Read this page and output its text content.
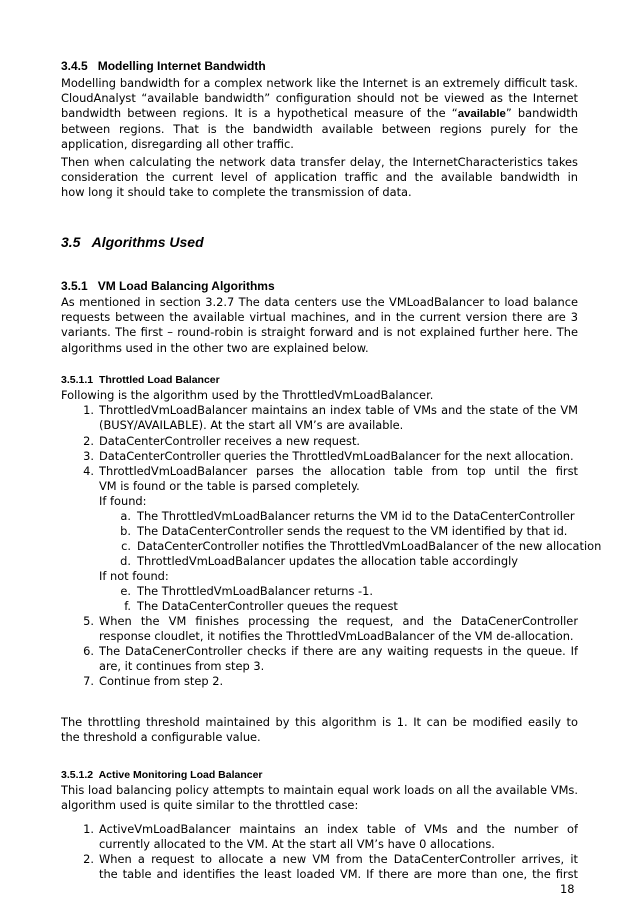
3.4.5 Modelling Internet Bandwidth
Modelling bandwidth for a complex network like the Internet is an extremely difficult task.
CloudAnalyst “available bandwidth” configuration should not be viewed as the Internet
bandwidth between regions. It is a hypothetical measure of the “available” bandwidth
between regions. That is the bandwidth available between regions purely for the
application, disregarding all other traffic.
Then when calculating the network data transfer delay, the InternetCharacteristics takes
consideration the current level of application traffic and the available bandwidth in
how long it should take to complete the transmission of data.
3.5 Algorithms Used
3.5.1 VM Load Balancing Algorithms
As mentioned in section 3.2.7 The data centers use the VMLoadBalancer to load balance
requests between the available virtual machines, and in the current version there are 3
variants. The first – round-robin is straight forward and is not explained further here. The
algorithms used in the other two are explained below.
3.5.1.1 Throttled Load Balancer
Following is the algorithm used by the ThrottledVmLoadBalancer.
1. ThrottledVmLoadBalancer maintains an index table of VMs and the state of the VM
(BUSY/AVAILABLE). At the start all VM’s are available.
2. DataCenterController receives a new request.
3. DataCenterController queries the ThrottledVmLoadBalancer for the next allocation.
4. ThrottledVmLoadBalancer parses the allocation table from top until the first
VM is found or the table is parsed completely.
If found:
a. The ThrottledVmLoadBalancer returns the VM id to the DataCenterController
b. The DataCenterController sends the request to the VM identified by that id.
c. DataCenterController notifies the ThrottledVmLoadBalancer of the new allocation
d. ThrottledVmLoadBalancer updates the allocation table accordingly
If not found:
e. The ThrottledVmLoadBalancer returns -1.
f. The DataCenterController queues the request
5. When the VM finishes processing the request, and the DataCenerController
response cloudlet, it notifies the ThrottledVmLoadBalancer of the VM de-allocation.
6. The DataCenerController checks if there are any waiting requests in the queue. If
are, it continues from step 3.
7. Continue from step 2.
The throttling threshold maintained by this algorithm is 1. It can be modified easily to
the threshold a configurable value.
3.5.1.2 Active Monitoring Load Balancer
This load balancing policy attempts to maintain equal work loads on all the available VMs.
algorithm used is quite similar to the throttled case:
1. ActiveVmLoadBalancer maintains an index table of VMs and the number of
currently allocated to the VM. At the start all VM’s have 0 allocations.
2. When a request to allocate a new VM from the DataCenterController arrives, it
the table and identifies the least loaded VM. If there are more than one, the first
18
